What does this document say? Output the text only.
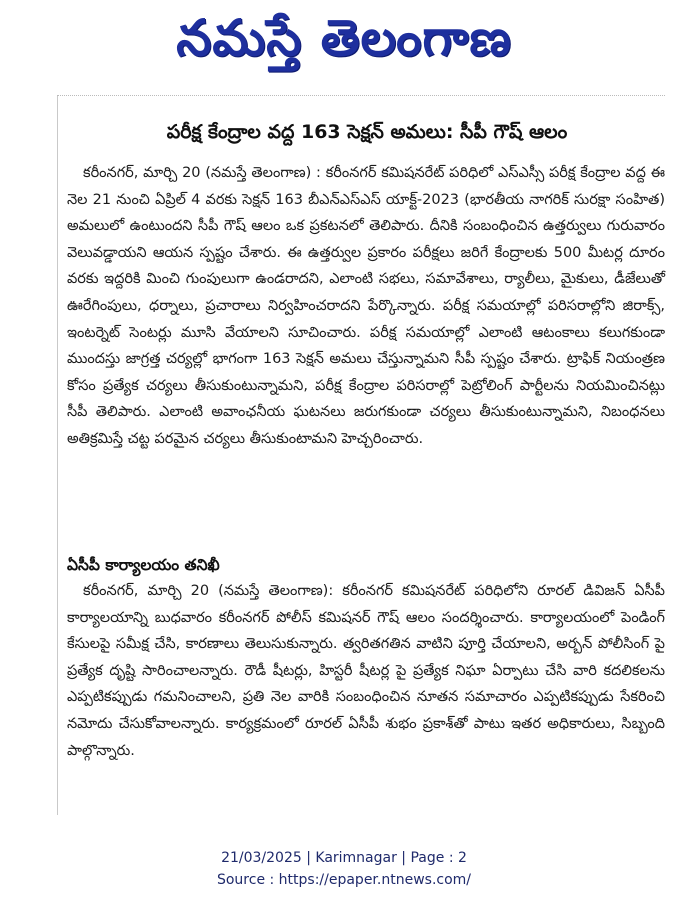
నమస్తే తెలంగాణ
పరీక్ష కేంద్రాల వద్ద 163 సెక్షన్ అమలు: సీపీ గౌష్ ఆలం

కరీంనగర్, మార్చి 20 (నమస్తే తెలంగాణ) : కరీంనగర్ కమిషనరేట్ పరిధిలో ఎస్ఎస్సీ పరీక్ష కేంద్రాల వద్ద ఈ నెల 21 నుంచి ఏప్రిల్ 4 వరకు సెక్షన్ 163 బీఎన్ఎస్ఎస్ యాక్ట్-2023 (భారతీయ నాగరిక్ సురక్షా సంహిత) అమలులో ఉంటుందని సీపీ గౌష్ ఆలం ఒక ప్రకటనలో తెలిపారు. దీనికి సంబంధించిన ఉత్తర్వులు గురువారం వెలువడ్డాయని ఆయన స్పష్టం చేశారు. ఈ ఉత్తర్వుల ప్రకారం పరీక్షలు జరిగే కేంద్రాలకు 500 మీటర్ల దూరం వరకు ఇద్దరికి మించి గుంపులుగా ఉండరాదని, ఎలాంటి సభలు, సమావేశాలు, ర్యాలీలు, మైకులు, డీజేలుతో ఊరేగింపులు, ధర్నాలు, ప్రచారాలు నిర్వహించరాదని పేర్కొన్నారు. పరీక్ష సమయాల్లో పరిసరాల్లోని జిరాక్స్, ఇంటర్నెట్ సెంటర్లు మూసి వేయాలని సూచించారు. పరీక్ష సమయాల్లో ఎలాంటి ఆటంకాలు కలుగకుండా ముందస్తు జాగ్రత్త చర్యల్లో భాగంగా 163 సెక్షన్ అమలు చేస్తున్నామని సీపీ స్పష్టం చేశారు. ట్రాఫిక్ నియంత్రణ కోసం ప్రత్యేక చర్యలు తీసుకుంటున్నామని, పరీక్ష కేంద్రాల పరిసరాల్లో పెట్రోలింగ్ పార్టీలను నియమించినట్లు సీపీ తెలిపారు. ఎలాంటి అవాంఛనీయ ఘటనలు జరుగకుండా చర్యలు తీసుకుంటున్నామని, నిబంధనలు అతిక్రమిస్తే చట్ట పరమైన చర్యలు తీసుకుంటామని హెచ్చరించారు.

ఏసీపీ కార్యాలయం తనిఖీ

కరీంనగర్, మార్చి 20 (నమస్తే తెలంగాణ): కరీంనగర్ కమిషనరేట్ పరిధిలోని రూరల్ డివిజన్ ఏసీపీ కార్యాలయాన్ని బుధవారం కరీంనగర్ పోలీస్ కమిషనర్ గౌష్ ఆలం సందర్శించారు. కార్యాలయంలో పెండింగ్ కేసులపై సమీక్ష చేసి, కారణాలు తెలుసుకున్నారు. త్వరితగతిన వాటిని పూర్తి చేయాలని, అర్బన్ పోలీసింగ్ పై ప్రత్యేక దృష్టి సారించాలన్నారు. రౌడీ షీటర్లు, హిస్టరీ షీటర్ల పై ప్రత్యేక నిఘా ఏర్పాటు చేసి వారి కదలికలను ఎప్పటికప్పుడు గమనించాలని, ప్రతి నెల వారికి సంబంధించిన నూతన సమాచారం ఎప్పటికప్పుడు సేకరించి నమోదు చేసుకోవాలన్నారు. కార్యక్రమంలో రూరల్ ఏసీపీ శుభం ప్రకాశ్‌తో పాటు ఇతర అధికారులు, సిబ్బంది పాల్గొన్నారు.

21/03/2025 | Karimnagar | Page : 2
Source : https://epaper.ntnews.com/
